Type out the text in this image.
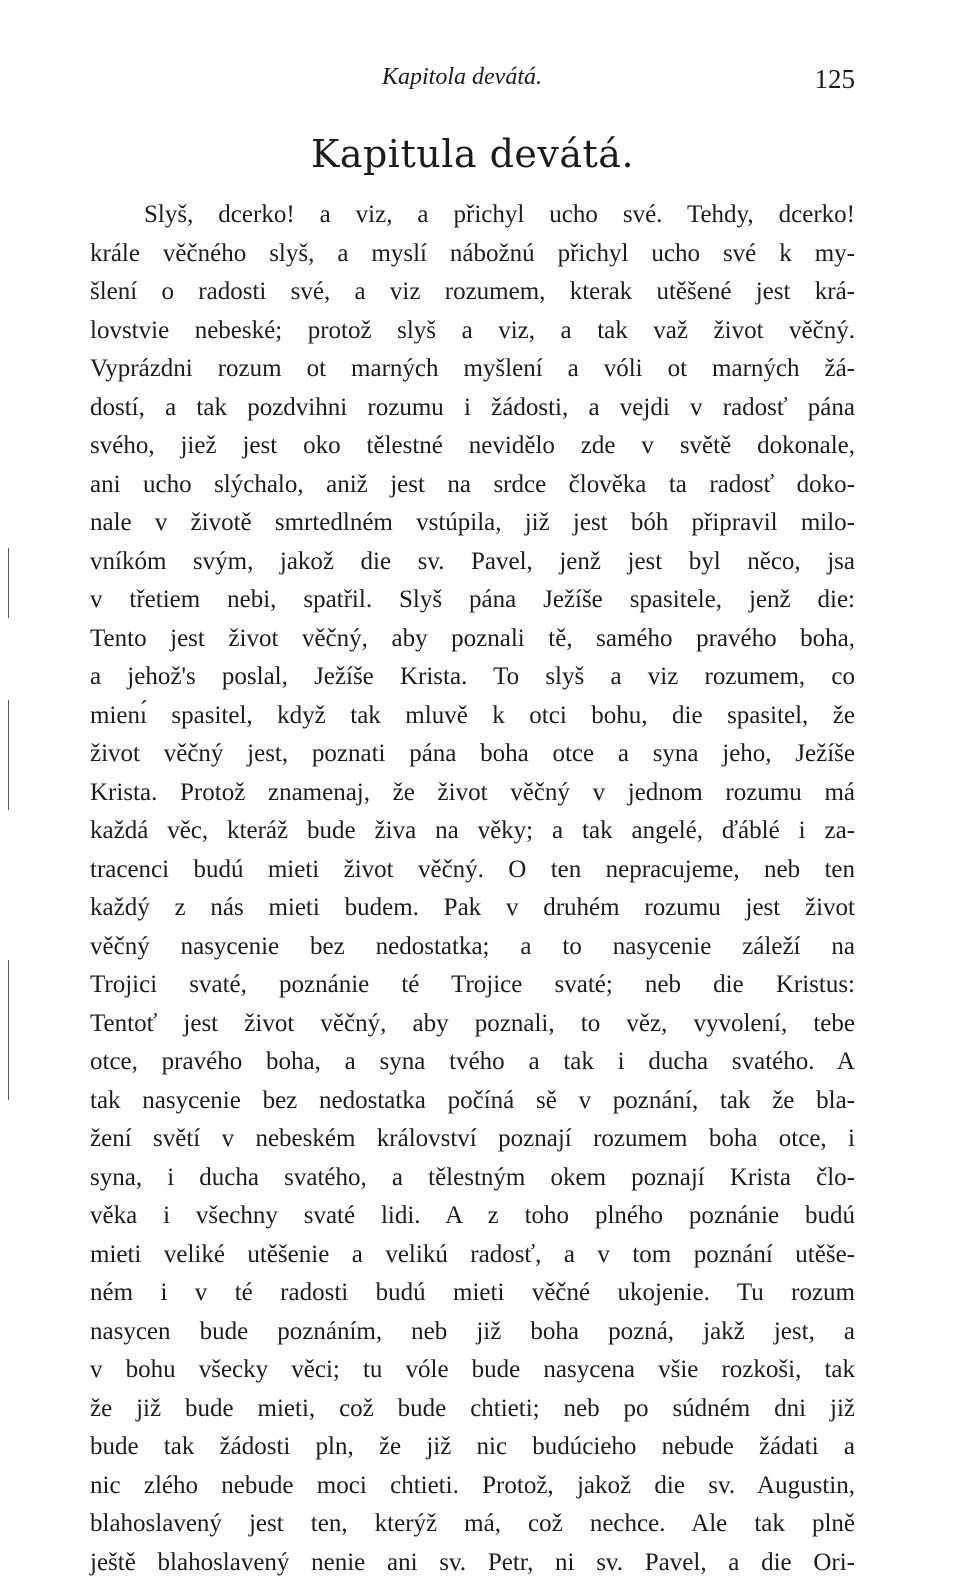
Kapitola devátá.	125
Kapitula devátá.
Slyš, dcerko! a viz, a přichyl ucho své. Tehdy, dcerko!
krále věčného slyš, a myslí nábožnú přichyl ucho své k my-
šlení o radosti své, a viz rozumem, kterak utěšené jest krá-
lovstvie nebeské; protož slyš a viz, a tak važ život věčný.
Vyprázdni rozum ot marných myšlení a vóli ot marných žá-
dostí, a tak pozdvihni rozumu i žádosti, a vejdi v radosť pána
svého, jiež jest oko tělestné nevidělo zde v světě dokonale,
ani ucho slýchalo, aniž jest na srdce člověka ta radosť doko-
nale v životě smrtedlném vstúpila, již jest bóh připravil milo-
vníkóm svým, jakož die sv. Pavel, jenž jest byl něco, jsa
v třetiem nebi, spatřil. Slyš pána Ježíše spasitele, jenž die:
Tento jest život věčný, aby poznali tě, samého pravého boha,
a jehož's poslal, Ježíše Krista. To slyš a viz rozumem, co
mienı́ spasitel, když tak mluvě k otci bohu, die spasitel, že
život věčný jest, poznati pána boha otce a syna jeho, Ježíše
Krista. Protož znamenaj, že život věčný v jednom rozumu má
každá věc, kteráž bude živa na věky; a tak angelé, ďáblé i za-
tracenci budú mieti život věčný. O ten nepracujeme, neb ten
každý z nás mieti budem. Pak v druhém rozumu jest život
věčný nasycenie bez nedostatka; a to nasycenie záleží na
Trojici svaté, poznánie té Trojice svaté; neb die Kristus:
Tentoť jest život věčný, aby poznali, to věz, vyvolení, tebe
otce, pravého boha, a syna tvého a tak i ducha svatého. A
tak nasycenie bez nedostatka počíná sě v poznání, tak že bla-
žení světí v nebeském království poznají rozumem boha otce, i
syna, i ducha svatého, a tělestným okem poznají Krista člo-
věka i všechny svaté lidi. A z toho plného poznánie budú
mieti veliké utěšenie a velikú radosť, a v tom poznání utěše-
ném i v té radosti budú mieti věčné ukojenie. Tu rozum
nasycen bude poznáním, neb již boha pozná, jakž jest, a
v bohu všecky věci; tu vóle bude nasycena všie rozkoši, tak
že již bude mieti, což bude chtieti; neb po súdném dni již
bude tak žádosti pln, že již nic budúcieho nebude žádati a
nic zlého nebude moci chtieti. Protož, jakož die sv. Augustin,
blahoslavený jest ten, kterýž má, což nechce. Ale tak plně
ještě blahoslavený nenie ani sv. Petr, ni sv. Pavel, a die Ori-
